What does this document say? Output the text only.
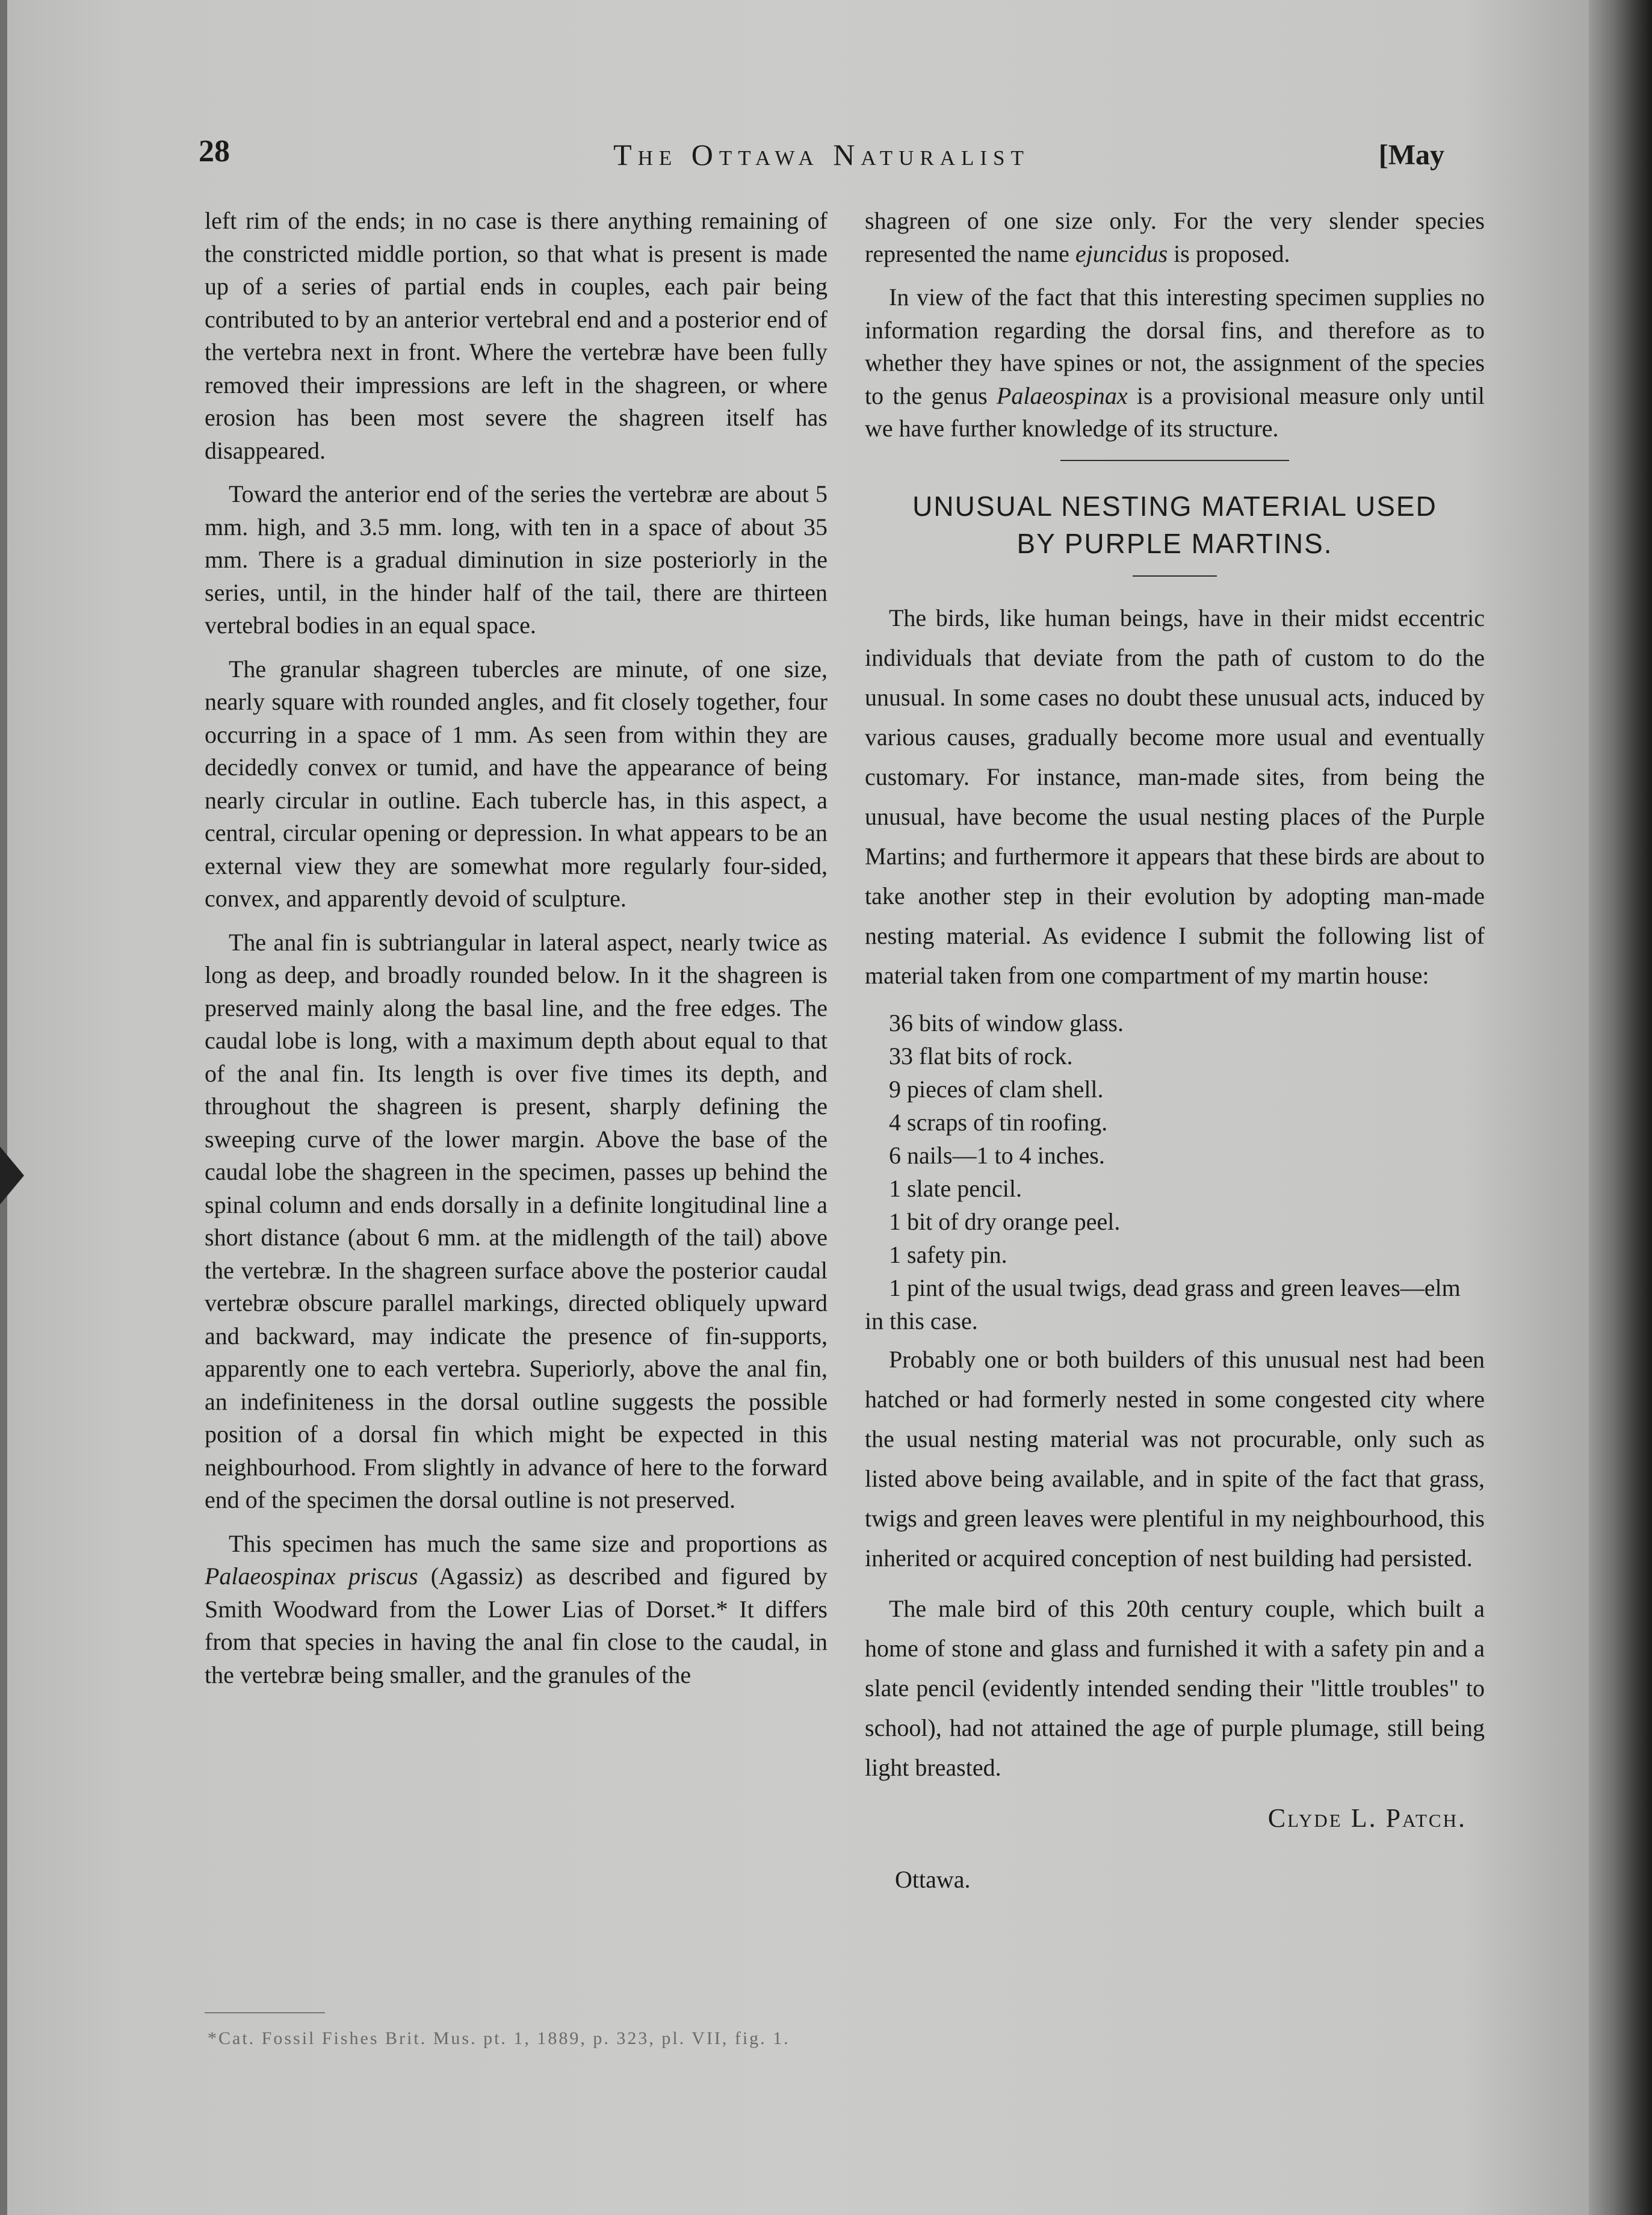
28	The Ottawa Naturalist	[May

left rim of the ends; in no case is there anything remaining of the constricted middle portion, so that what is present is made up of a series of partial ends in couples, each pair being contributed to by an anterior vertebral end and a posterior end of the vertebra next in front. Where the vertebræ have been fully removed their impressions are left in the shagreen, or where erosion has been most severe the shagreen itself has disappeared.

Toward the anterior end of the series the vertebræ are about 5 mm. high, and 3.5 mm. long, with ten in a space of about 35 mm. There is a gradual diminution in size posteriorly in the series, until, in the hinder half of the tail, there are thirteen vertebral bodies in an equal space.

The granular shagreen tubercles are minute, of one size, nearly square with rounded angles, and fit closely together, four occurring in a space of 1 mm. As seen from within they are decidedly convex or tumid, and have the appearance of being nearly circular in outline. Each tubercle has, in this aspect, a central, circular opening or depression. In what appears to be an external view they are somewhat more regularly four-sided, convex, and apparently devoid of sculpture.

The anal fin is subtriangular in lateral aspect, nearly twice as long as deep, and broadly rounded below. In it the shagreen is preserved mainly along the basal line, and the free edges. The caudal lobe is long, with a maximum depth about equal to that of the anal fin. Its length is over five times its depth, and throughout the shagreen is present, sharply defining the sweeping curve of the lower margin. Above the base of the caudal lobe the shagreen in the specimen, passes up behind the spinal column and ends dorsally in a definite longitudinal line a short distance (about 6 mm. at the midlength of the tail) above the vertebræ. In the shagreen surface above the posterior caudal vertebræ obscure parallel markings, directed obliquely upward and backward, may indicate the presence of fin-supports, apparently one to each vertebra. Superiorly, above the anal fin, an indefiniteness in the dorsal outline suggests the possible position of a dorsal fin which might be expected in this neighbourhood. From slightly in advance of here to the forward end of the specimen the dorsal outline is not preserved.

This specimen has much the same size and proportions as Palaeospinax priscus (Agassiz) as described and figured by Smith Woodward from the Lower Lias of Dorset.* It differs from that species in having the anal fin close to the caudal, in the vertebræ being smaller, and the granules of the

*Cat. Fossil Fishes Brit. Mus. pt. 1, 1889, p. 323, pl. VII, fig. 1.

shagreen of one size only. For the very slender species represented the name ejuncidus is proposed.

In view of the fact that this interesting specimen supplies no information regarding the dorsal fins, and therefore as to whether they have spines or not, the assignment of the species to the genus Palaeospinax is a provisional measure only until we have further knowledge of its structure.

UNUSUAL NESTING MATERIAL USED
BY PURPLE MARTINS.

The birds, like human beings, have in their midst eccentric individuals that deviate from the path of custom to do the unusual. In some cases no doubt these unusual acts, induced by various causes, gradually become more usual and eventually customary. For instance, man-made sites, from being the unusual, have become the usual nesting places of the Purple Martins; and furthermore it appears that these birds are about to take another step in their evolution by adopting man-made nesting material. As evidence I submit the following list of material taken from one compartment of my martin house:

36 bits of window glass.
33 flat bits of rock.
9 pieces of clam shell.
4 scraps of tin roofing.
6 nails—1 to 4 inches.
1 slate pencil.
1 bit of dry orange peel.
1 safety pin.
1 pint of the usual twigs, dead grass and green leaves—elm in this case.

Probably one or both builders of this unusual nest had been hatched or had formerly nested in some congested city where the usual nesting material was not procurable, only such as listed above being available, and in spite of the fact that grass, twigs and green leaves were plentiful in my neighbourhood, this inherited or acquired conception of nest building had persisted.

The male bird of this 20th century couple, which built a home of stone and glass and furnished it with a safety pin and a slate pencil (evidently intended sending their "little troubles" to school), had not attained the age of purple plumage, still being light breasted.

Clyde L. Patch.
Ottawa.
